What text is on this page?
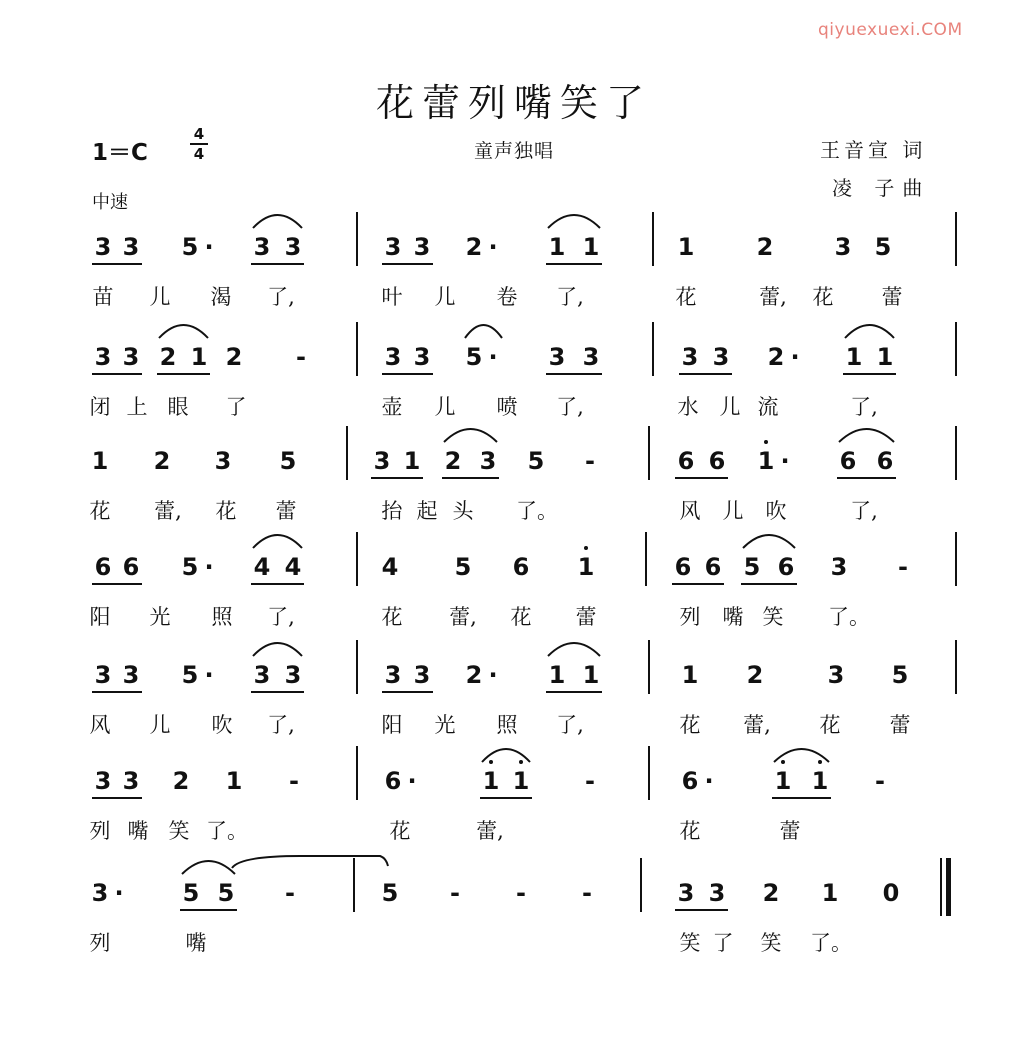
qiyuexuexi.COM
花蕾列嘴笑了
1＝C
4
4	童声独唱	王音宣 词
凌 子曲
中速
3 3	5 ·	3 3	3 3	2 ·	1 1	1	2	3 5
苗	儿	渴	了,	叶	儿	卷	了,	花	蕾,	花	蕾
3 3 2 1 2	-	3 3	5 ·	3 3	3 3	2 ·	1 1
闭 上 眼	了	壶	儿	喷	了,	水	儿 流	了,
1	2	3	5	3 1	2 3	5	-	6 6	1 ·	6 6
花	蕾,	花	蕾	抬 起 头	了。	风	儿	吹	了,
6 6	5 ·	4 4	4	5	6	1	6 6 5 6	3	-
阳	光	照	了,	花	蕾,	花	蕾	列	嘴 笑	了。
3 3	5 ·	3 3	3 3	2 ·	1 1	1	2	3	5
风	儿	吹	了,	阳	光	照	了,	花	蕾,	花	蕾
3 3	2	1	-	6 ·	1 1	-	6 ·	1 1	-
列 嘴 笑 了。	花	蕾,	花	蕾
3 ·	5 5	-	5	-	-	-	3 3	2	1	0
列	嘴	笑 了	笑	了。
